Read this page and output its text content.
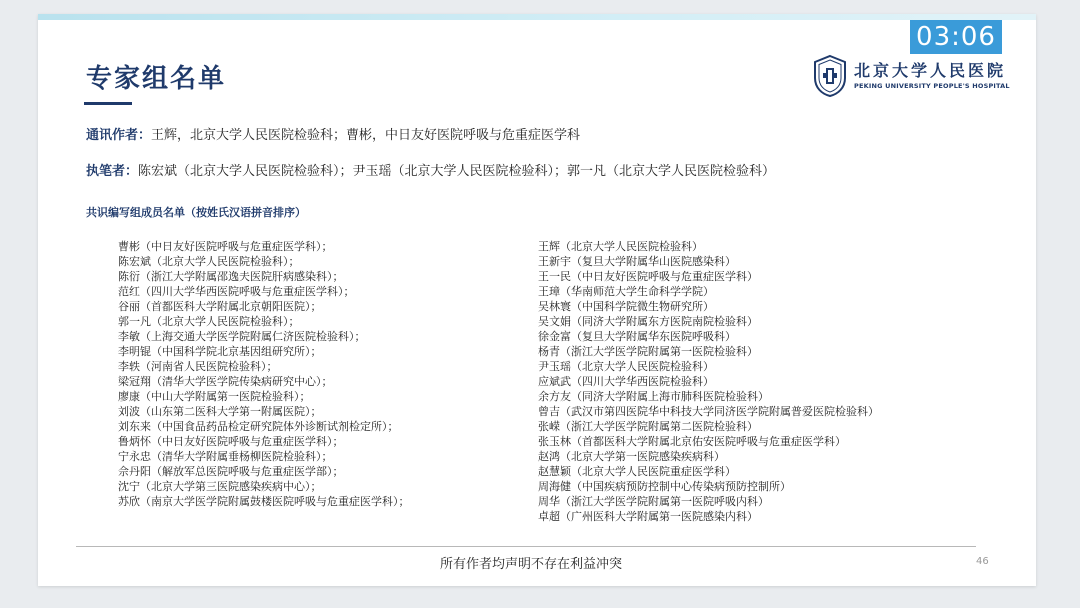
03:06
专家组名单	北京大学人民医院
PEKING UNIVERSITY PEOPLE'S HOSPITAL
通讯作者：王辉，北京大学人民医院检验科；曹彬，中日友好医院呼吸与危重症医学科
执笔者：陈宏斌（北京大学人民医院检验科）；尹玉瑶（北京大学人民医院检验科）；郭一凡（北京大学人民医院检验科）
共识编写组成员名单（按姓氏汉语拼音排序）
曹彬（中日友好医院呼吸与危重症医学科）；
陈宏斌（北京大学人民医院检验科）；
陈衍（浙江大学附属邵逸夫医院肝病感染科）；
范红（四川大学华西医院呼吸与危重症医学科）；
谷丽（首都医科大学附属北京朝阳医院）；
郭一凡（北京大学人民医院检验科）；
李敏（上海交通大学医学院附属仁济医院检验科）；
李明锟（中国科学院北京基因组研究所）；
李轶（河南省人民医院检验科）；
梁冠翔（清华大学医学院传染病研究中心）；
廖康（中山大学附属第一医院检验科）；
刘波（山东第二医科大学第一附属医院）；
刘东来（中国食品药品检定研究院体外诊断试剂检定所）；
鲁炳怀（中日友好医院呼吸与危重症医学科）；
宁永忠（清华大学附属垂杨柳医院检验科）；
佘丹阳（解放军总医院呼吸与危重症医学部）；
沈宁（北京大学第三医院感染疾病中心）；
苏欣（南京大学医学院附属鼓楼医院呼吸与危重症医学科）；
王辉（北京大学人民医院检验科）
王新宇（复旦大学附属华山医院感染科）
王一民（中日友好医院呼吸与危重症医学科）
王璋（华南师范大学生命科学学院）
吴林寰（中国科学院微生物研究所）
吴文娟（同济大学附属东方医院南院检验科）
徐金富（复旦大学附属华东医院呼吸科）
杨青（浙江大学医学院附属第一医院检验科）
尹玉瑶（北京大学人民医院检验科）
应斌武（四川大学华西医院检验科）
余方友（同济大学附属上海市肺科医院检验科）
曾吉（武汉市第四医院华中科技大学同济医学院附属普爱医院检验科）
张嵘（浙江大学医学院附属第二医院检验科）
张玉林（首都医科大学附属北京佑安医院呼吸与危重症医学科）
赵鸿（北京大学第一医院感染疾病科）
赵慧颖（北京大学人民医院重症医学科）
周海健（中国疾病预防控制中心传染病预防控制所）
周华（浙江大学医学院附属第一医院呼吸内科）
卓超（广州医科大学附属第一医院感染内科）
所有作者均声明不存在利益冲突	46
